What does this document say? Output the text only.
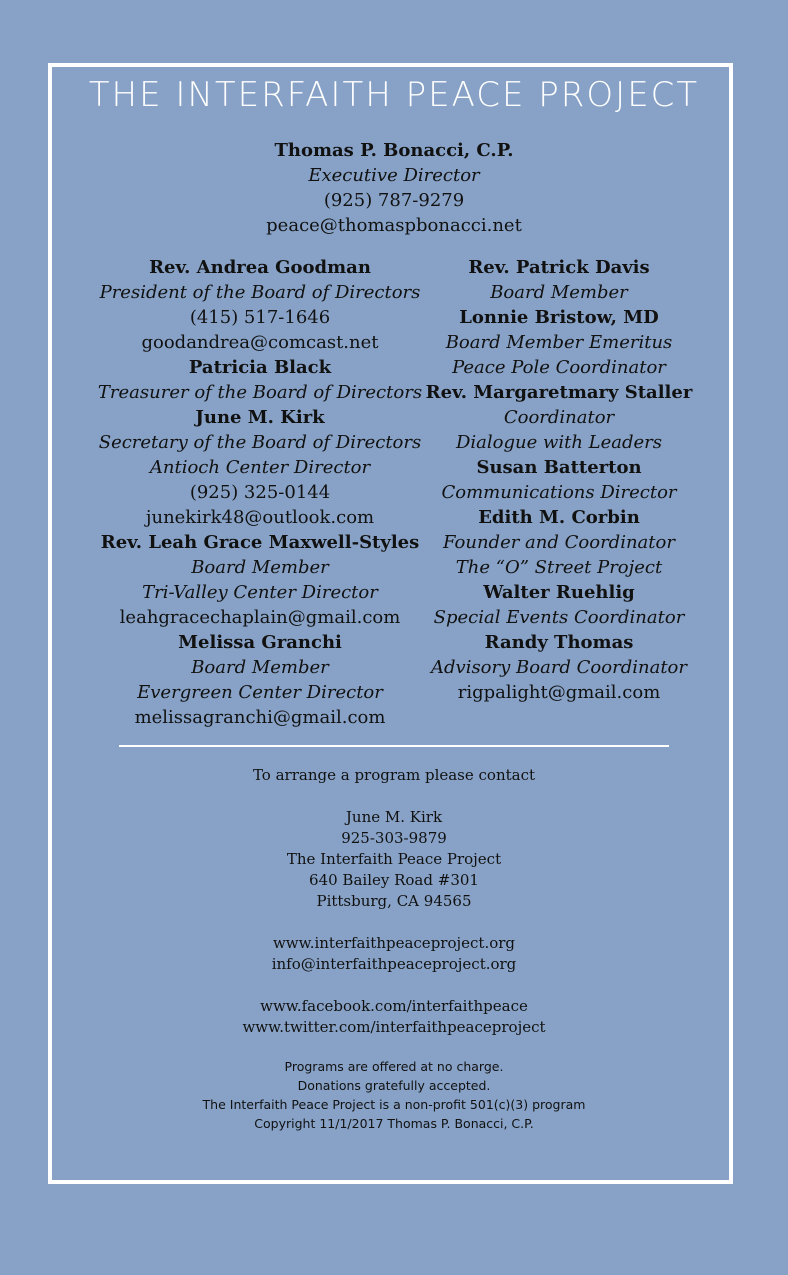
THE INTERFAITH PEACE PROJECT
Thomas P. Bonacci, C.P.
Executive Director
(925) 787-9279
peace@thomaspbonacci.net
Rev. Andrea Goodman
President of the Board of Directors
(415) 517-1646
goodandrea@comcast.net
Patricia Black
Treasurer of the Board of Directors
June M. Kirk
Secretary of the Board of Directors
Antioch Center Director
(925) 325-0144
junekirk48@outlook.com
Rev. Leah Grace Maxwell-Styles
Board Member
Tri-Valley Center Director
leahgracechaplain@gmail.com
Melissa Granchi
Board Member
Evergreen Center Director
melissagranchi@gmail.com
Rev. Patrick Davis
Board Member
Lonnie Bristow, MD
Board Member Emeritus
Peace Pole Coordinator
Rev. Margaretmary Staller
Coordinator
Dialogue with Leaders
Susan Batterton
Communications Director
Edith M. Corbin
Founder and Coordinator
The “O” Street Project
Walter Ruehlig
Special Events Coordinator
Randy Thomas
Advisory Board Coordinator
rigpalight@gmail.com
To arrange a program please contact
June M. Kirk
925-303-9879
The Interfaith Peace Project
640 Bailey Road #301
Pittsburg, CA 94565
www.interfaithpeaceproject.org
info@interfaithpeaceproject.org
www.facebook.com/interfaithpeace
www.twitter.com/interfaithpeaceproject
Programs are offered at no charge.
Donations gratefully accepted.
The Interfaith Peace Project is a non-profit 501(c)(3) program
Copyright 11/1/2017 Thomas P. Bonacci, C.P.
